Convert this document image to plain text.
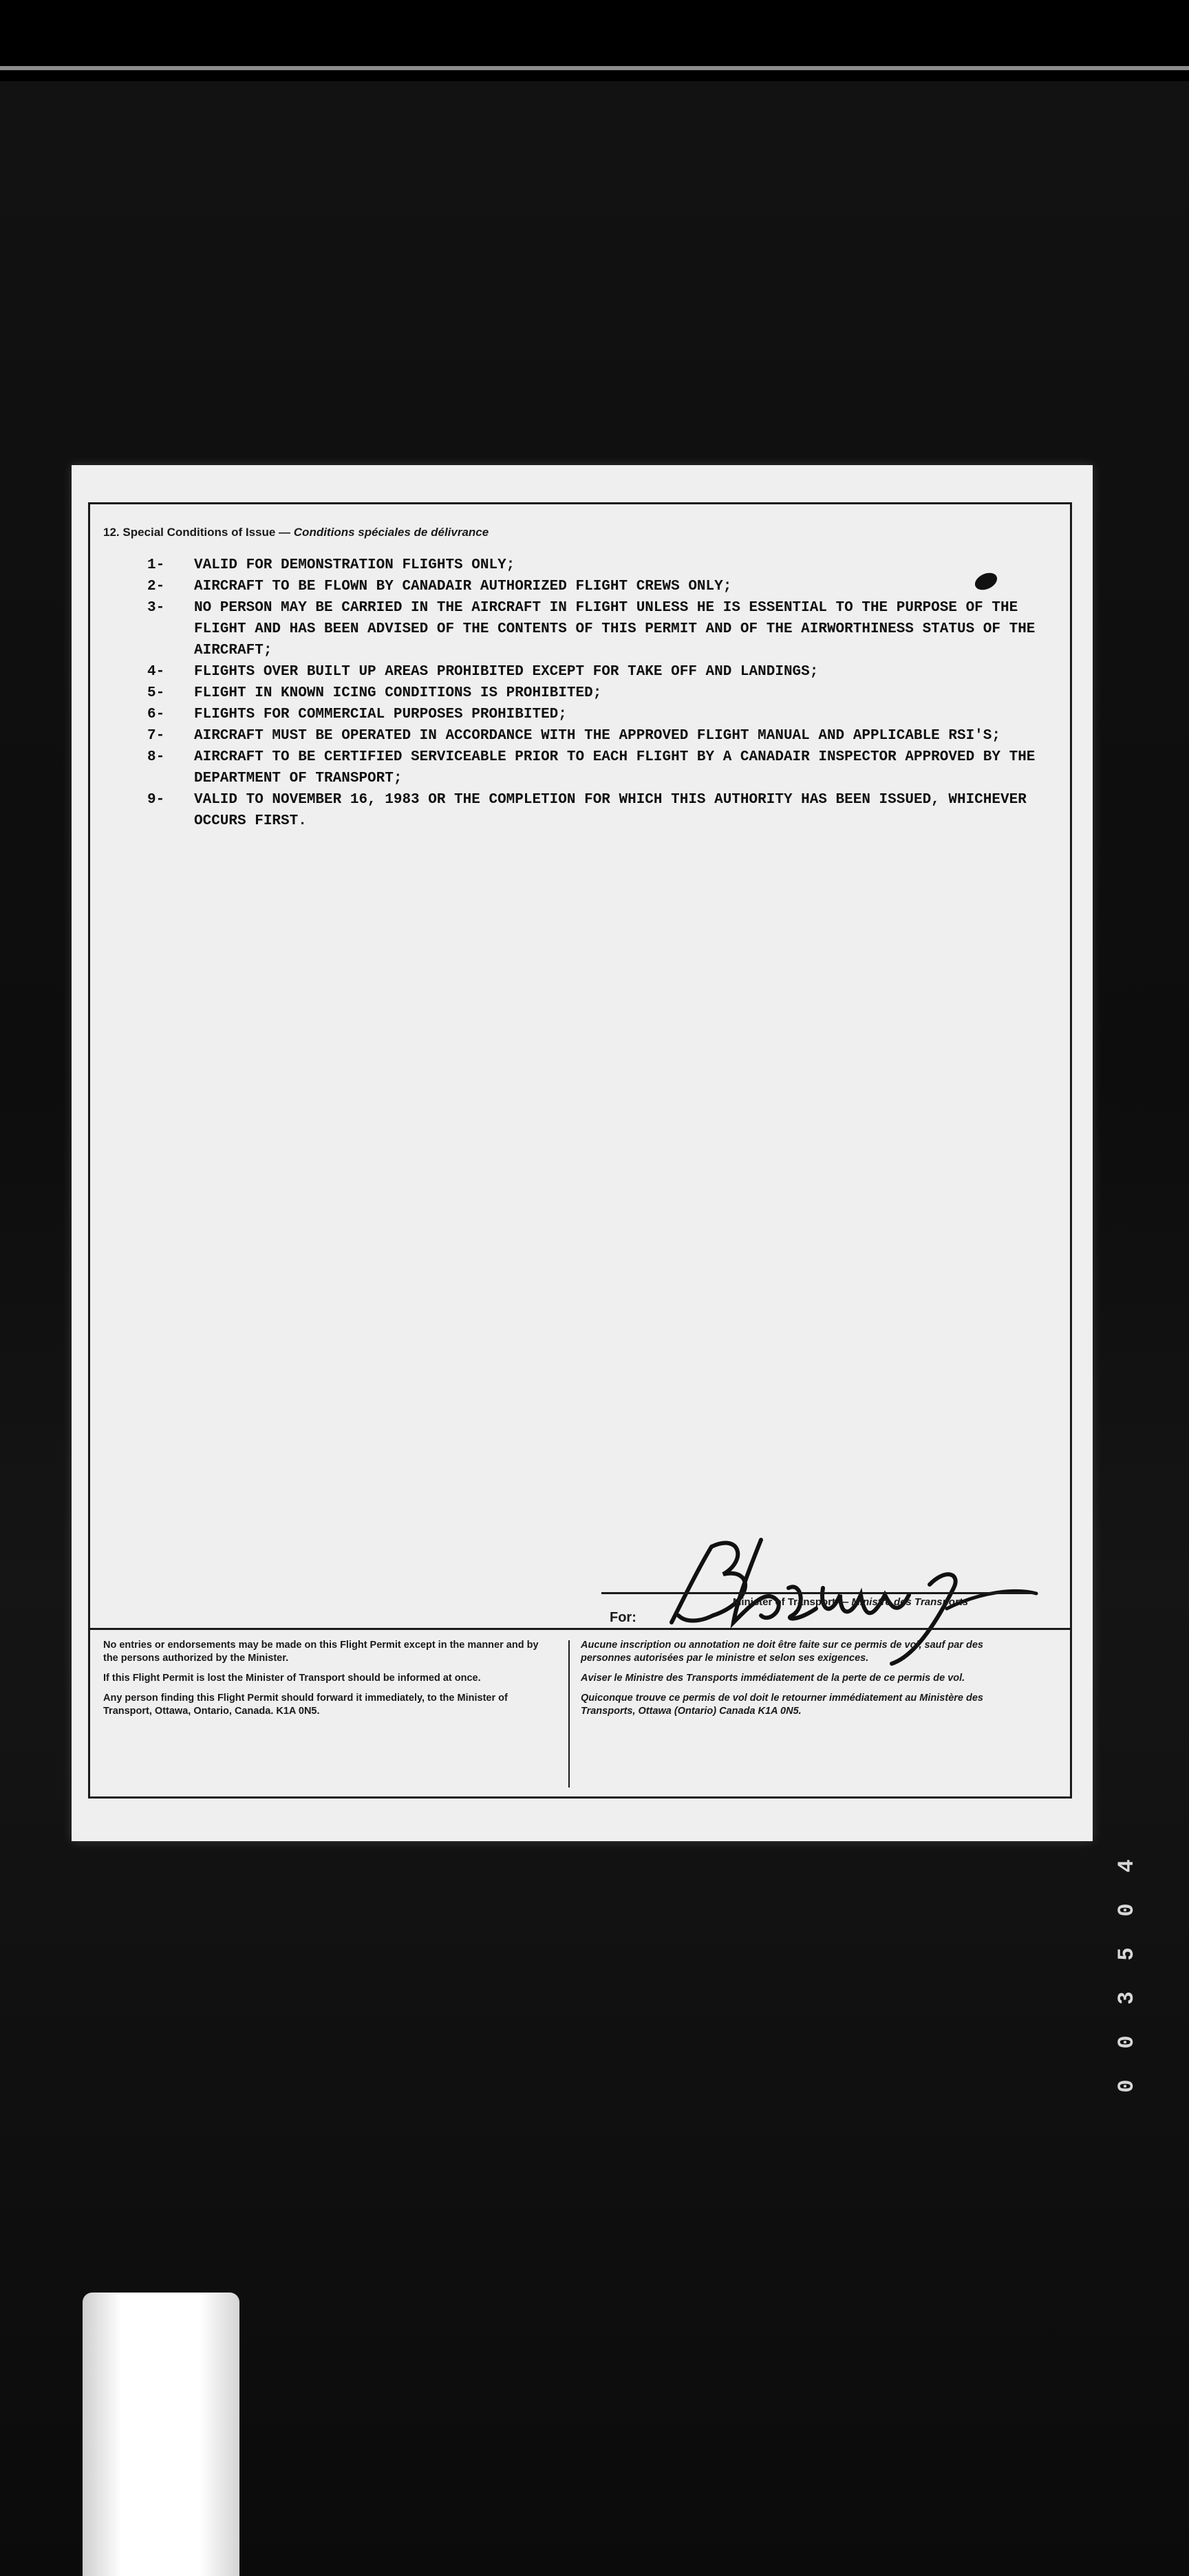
12. Special Conditions of Issue — Conditions spéciales de délivrance
1-	VALID FOR DEMONSTRATION FLIGHTS ONLY;
2-	AIRCRAFT TO BE FLOWN BY CANADAIR AUTHORIZED FLIGHT CREWS ONLY;
3-	NO PERSON MAY BE CARRIED IN THE AIRCRAFT IN FLIGHT UNLESS HE IS ESSENTIAL TO THE PURPOSE OF THE FLIGHT AND HAS BEEN ADVISED OF THE CONTENTS OF THIS PERMIT AND OF THE AIRWORTHINESS STATUS OF THE AIRCRAFT;
4-	FLIGHTS OVER BUILT UP AREAS PROHIBITED EXCEPT FOR TAKE OFF AND LANDINGS;
5-	FLIGHT IN KNOWN ICING CONDITIONS IS PROHIBITED;
6-	FLIGHTS FOR COMMERCIAL PURPOSES PROHIBITED;
7-	AIRCRAFT MUST BE OPERATED IN ACCORDANCE WITH THE APPROVED FLIGHT MANUAL AND APPLICABLE RSI'S;
8-	AIRCRAFT TO BE CERTIFIED SERVICEABLE PRIOR TO EACH FLIGHT BY A CANADAIR INSPECTOR APPROVED BY THE DEPARTMENT OF TRANSPORT;
9-	VALID TO NOVEMBER 16, 1983 OR THE COMPLETION FOR WHICH THIS AUTHORITY HAS BEEN ISSUED, WHICHEVER OCCURS FIRST.
Minister of Transport — Ministre des Transports
For:

No entries or endorsements may be made on this Flight Permit except in the manner and by the persons authorized by the Minister.

If this Flight Permit is lost the Minister of Transport should be informed at once.

Any person finding this Flight Permit should forward it immediately, to the Minister of Transport, Ottawa, Ontario, Canada. K1A 0N5.

Aucune inscription ou annotation ne doit être faite sur ce permis de vol, sauf par des personnes autorisées par le ministre et selon ses exigences.

Aviser le Ministre des Transports immédiatement de la perte de ce permis de vol.

Quiconque trouve ce permis de vol doit le retourner immédiatement au Ministère des Transports, Ottawa (Ontario) Canada K1A 0N5.

4
0
5
3
0
0
